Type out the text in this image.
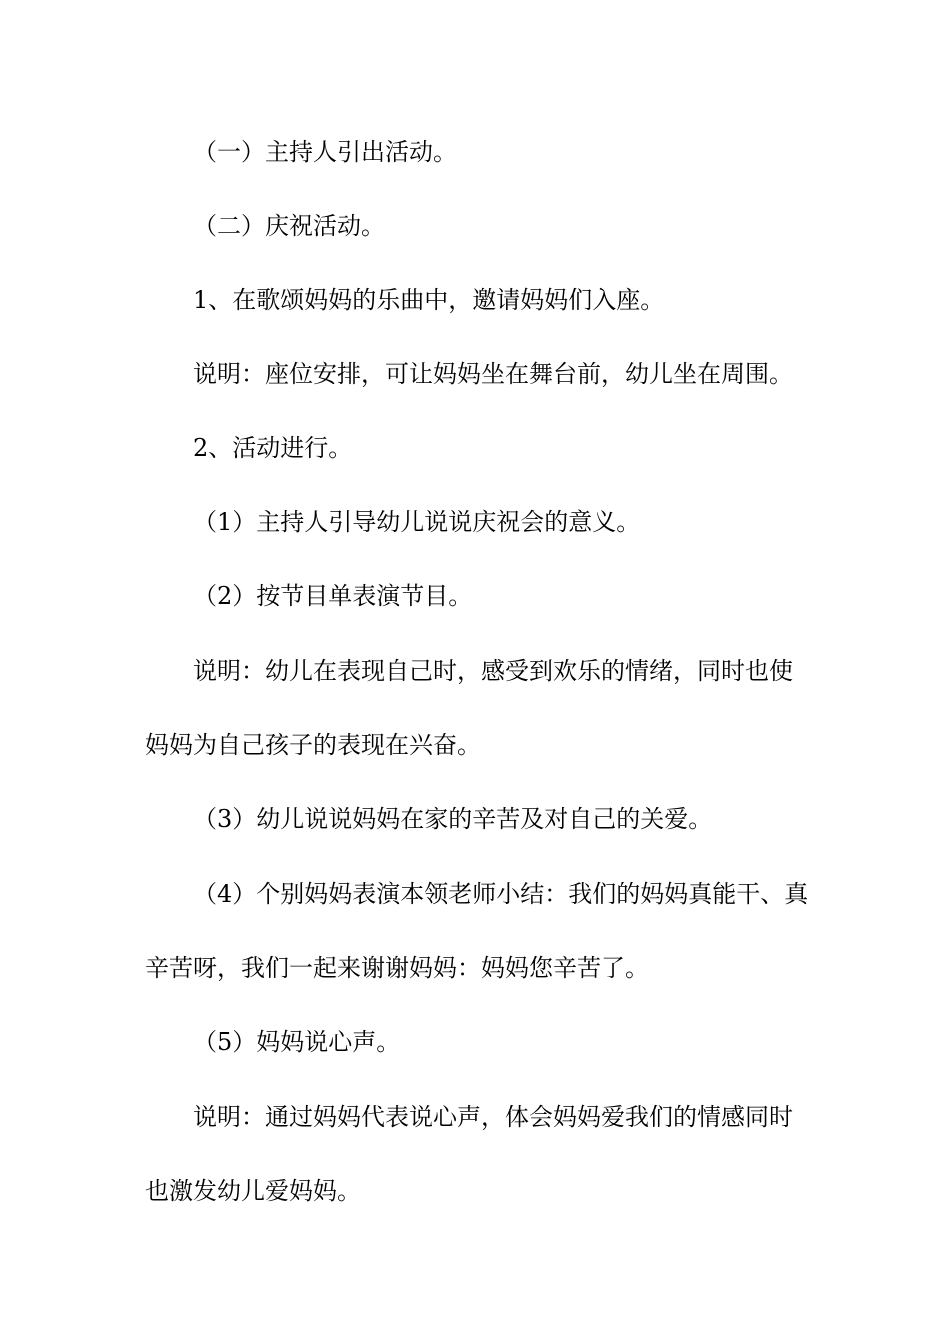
（一）主持人引出活动。

（二）庆祝活动。

1、在歌颂妈妈的乐曲中，邀请妈妈们入座。

说明：座位安排，可让妈妈坐在舞台前，幼儿坐在周围。

2、活动进行。

（1）主持人引导幼儿说说庆祝会的意义。

（2）按节目单表演节目。

说明：幼儿在表现自己时，感受到欢乐的情绪，同时也使妈妈为自己孩子的表现在兴奋。

（3）幼儿说说妈妈在家的辛苦及对自己的关爱。

（4）个别妈妈表演本领老师小结：我们的妈妈真能干、真辛苦呀，我们一起来谢谢妈妈：妈妈您辛苦了。

（5）妈妈说心声。

说明：通过妈妈代表说心声，体会妈妈爱我们的情感同时也激发幼儿爱妈妈。
